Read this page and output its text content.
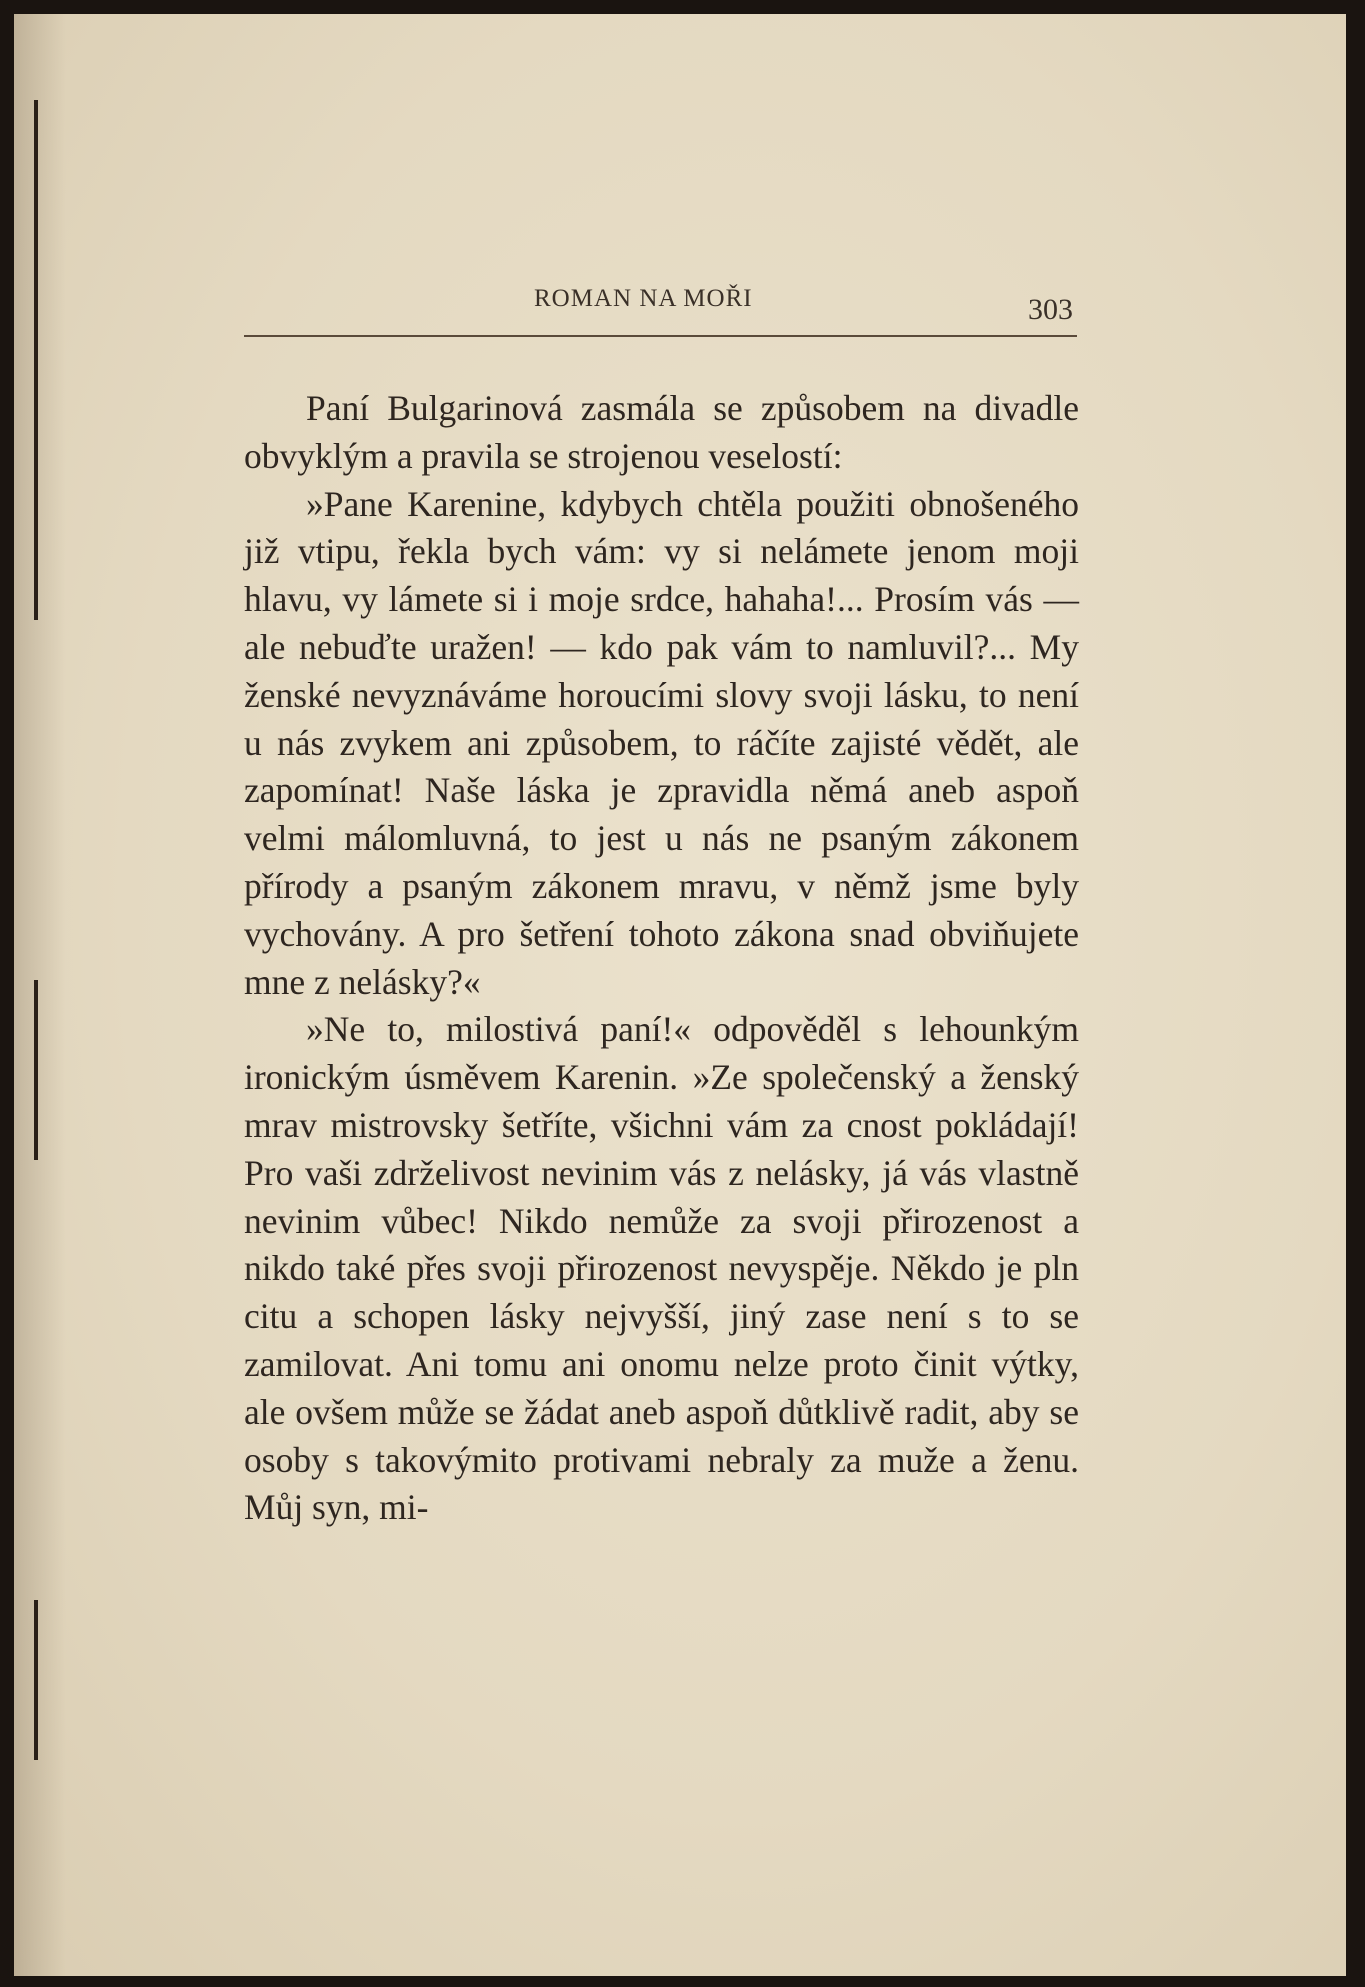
ROMAN NA MOŘI	303

Paní Bulgarinová zasmála se způsobem na divadle obvyklým a pravila se strojenou veselostí:

»Pane Karenine, kdybych chtěla použiti obnošeného již vtipu, řekla bych vám: vy si nelámete jenom moji hlavu, vy lámete si i moje srdce, hahaha!... Prosím vás — ale nebuďte uražen! — kdo pak vám to namluvil?... My ženské nevyznáváme horoucími slovy svoji lásku, to není u nás zvykem ani způsobem, to ráčíte zajisté vědět, ale zapomínat! Naše láska je zpravidla němá aneb aspoň velmi málomluvná, to jest u nás ne psaným zákonem přírody a psaným zákonem mravu, v němž jsme byly vychovány. A pro šetření tohoto zákona snad obviňujete mne z nelásky?«

»Ne to, milostivá paní!« odpověděl s lehounkým ironickým úsměvem Karenin. »Ze společenský a ženský mrav mistrovsky šetříte, všichni vám za cnost pokládají! Pro vaši zdrželivost nevinim vás z nelásky, já vás vlastně nevinim vůbec! Nikdo nemůže za svoji přirozenost a nikdo také přes svoji přirozenost nevyspěje. Někdo je pln citu a schopen lásky nejvyšší, jiný zase není s to se zamilovat. Ani tomu ani onomu nelze proto činit výtky, ale ovšem může se žádat aneb aspoň důtklivě radit, aby se osoby s takovýmito protivami nebraly za muže a ženu. Můj syn, mi-
